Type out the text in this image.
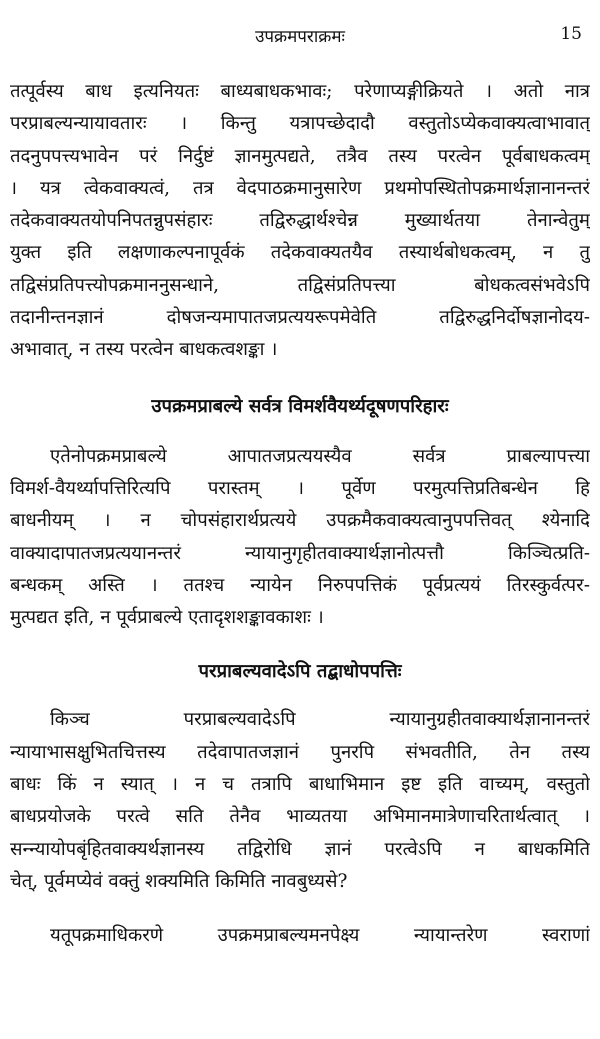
उपक्रमपराक्रमः	15
तत्पूर्वस्य बाध इत्यनियतः बाध्यबाधकभावः; परेणाप्यङ्गीक्रियते । अतो नात्र
परप्राबल्यन्यायावतारः । किन्तु यत्रापच्छेदादौ वस्तुतोऽप्येकवाक्यत्वाभावात्
तदनुपपत्त्यभावेन परं निर्दुष्टं ज्ञानमुत्पद्यते, तत्रैव तस्य परत्वेन पूर्वबाधकत्वम्
। यत्र त्वेकवाक्यत्वं, तत्र वेदपाठक्रमानुसारेण प्रथमोपस्थितोपक्रमार्थज्ञानानन्तरं
तदेकवाक्यतयोपनिपतन्नुपसंहारः तद्विरुद्धार्थश्चेन्न मुख्यार्थतया तेनान्वेतुम्
युक्त इति लक्षणाकल्पनापूर्वकं तदेकवाक्यतयैव तस्यार्थबोधकत्वम्, न तु
तद्विसंप्रतिपत्त्योपक्रमाननुसन्धाने, तद्विसंप्रतिपत्त्या बोधकत्वसंभवेऽपि
तदानीन्तनज्ञानं दोषजन्यमापातजप्रत्ययरूपमेवेति तद्विरुद्धनिर्दोषज्ञानोदय-
अभावात्, न तस्य परत्वेन बाधकत्वशङ्का ।
उपक्रमप्राबल्ये सर्वत्र विमर्शवैयर्थ्यदूषणपरिहारः
एतेनोपक्रमप्राबल्ये आपातजप्रत्ययस्यैव सर्वत्र प्राबल्यापत्त्या
विमर्श-वैयर्थ्यापत्तिरित्यपि परास्तम् । पूर्वेण परमुत्पत्तिप्रतिबन्धेन हि
बाधनीयम् । न चोपसंहारार्थप्रत्यये उपक्रमैकवाक्यत्वानुपपत्तिवत् श्येनादि
वाक्यादापातजप्रत्ययानन्तरं न्यायानुगृहीतवाक्यार्थज्ञानोत्पत्तौ किञ्चित्प्रति-
बन्धकम् अस्ति । ततश्च न्यायेन निरुपपत्तिकं पूर्वप्रत्ययं तिरस्कुर्वत्पर-
मुत्पद्यत इति, न पूर्वप्राबल्ये एतादृशशङ्कावकाशः ।
परप्राबल्यवादेऽपि तद्बाधोपपत्तिः
किञ्च परप्राबल्यवादेऽपि न्यायानुग्रहीतवाक्यार्थज्ञानानन्तरं
न्यायाभासक्षुभितचित्तस्य तदेवापातजज्ञानं पुनरपि संभवतीति, तेन तस्य
बाधः किं न स्यात् । न च तत्रापि बाधाभिमान इष्ट इति वाच्यम्, वस्तुतो
बाधप्रयोजके परत्वे सति तेनैव भाव्यतया अभिमानमात्रेणाचरितार्थत्वात् ।
सन्न्यायोपबृंहितवाक्यर्थज्ञानस्य तद्विरोधि ज्ञानं परत्वेऽपि न बाधकमिति
चेत्, पूर्वमप्येवं वक्तुं शक्यमिति किमिति नावबुध्यसे?
यतूपक्रमाधिकरणे उपक्रमप्राबल्यमनपेक्ष्य न्यायान्तरेण स्वराणां
